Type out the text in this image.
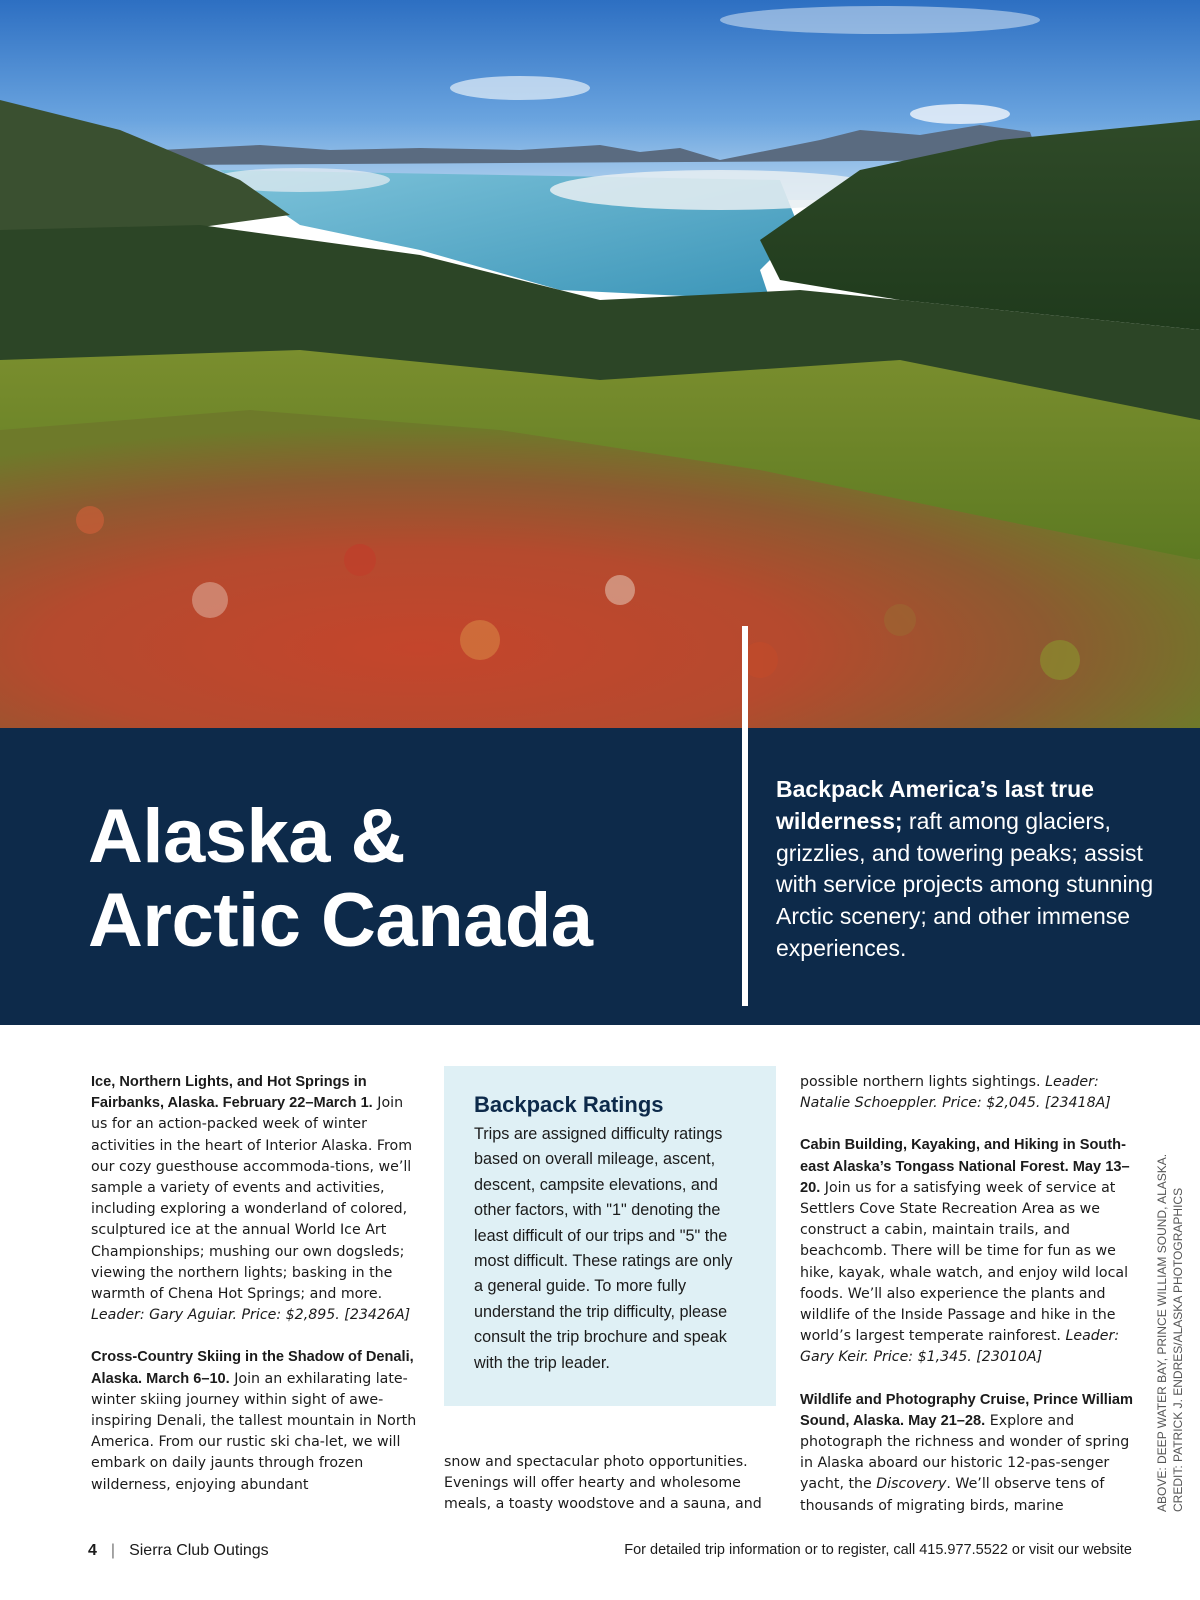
Alaska &
Arctic Canada
Backpack America’s last true wilderness; raft among glaciers, grizzlies, and towering peaks; assist with service projects among stunning Arctic scenery; and other immense experiences.

Ice, Northern Lights, and Hot Springs in Fairbanks, Alaska. February 22–March 1. Join us for an action-packed week of winter activities in the heart of Interior Alaska. From our cozy guesthouse accommoda-tions, we’ll sample a variety of events and activities, including exploring a wonderland of colored, sculptured ice at the annual World Ice Art Championships; mushing our own dogsleds; viewing the northern lights; basking in the warmth of Chena Hot Springs; and more. Leader: Gary Aguiar. Price: $2,895. [23426A]

Cross-Country Skiing in the Shadow of Denali, Alaska. March 6–10. Join an exhilarating late-winter skiing journey within sight of awe-inspiring Denali, the tallest mountain in North America. From our rustic ski cha-let, we will embark on daily jaunts through frozen wilderness, enjoying abundant

Backpack Ratings

Trips are assigned difficulty ratings based on overall mileage, ascent, descent, campsite elevations, and other factors, with "1" denoting the least difficult of our trips and "5" the most difficult. These ratings are only a general guide. To more fully understand the trip difficulty, please consult the trip brochure and speak with the trip leader.

snow and spectacular photo opportunities. Evenings will offer hearty and wholesome meals, a toasty woodstove and a sauna, and

possible northern lights sightings. Leader: Natalie Schoeppler. Price: $2,045. [23418A]

Cabin Building, Kayaking, and Hiking in South-east Alaska’s Tongass National Forest. May 13–20. Join us for a satisfying week of service at Settlers Cove State Recreation Area as we construct a cabin, maintain trails, and beachcomb. There will be time for fun as we hike, kayak, whale watch, and enjoy wild local foods. We’ll also experience the plants and wildlife of the Inside Passage and hike in the world’s largest temperate rainforest. Leader: Gary Keir. Price: $1,345. [23010A]

Wildlife and Photography Cruise, Prince William Sound, Alaska. May 21–28. Explore and photograph the richness and wonder of spring in Alaska aboard our historic 12-pas-senger yacht, the Discovery. We’ll observe tens of thousands of migrating birds, marine	ABOVE: DEEP WATER BAY, PRINCE WILLIAM SOUND, ALASKA. CREDIT: PATRICK J. ENDRES/ALASKA PHOTOGRAPHICS
4 | Sierra Club Outings	For detailed trip information or to register, call 415.977.5522 or visit our website
